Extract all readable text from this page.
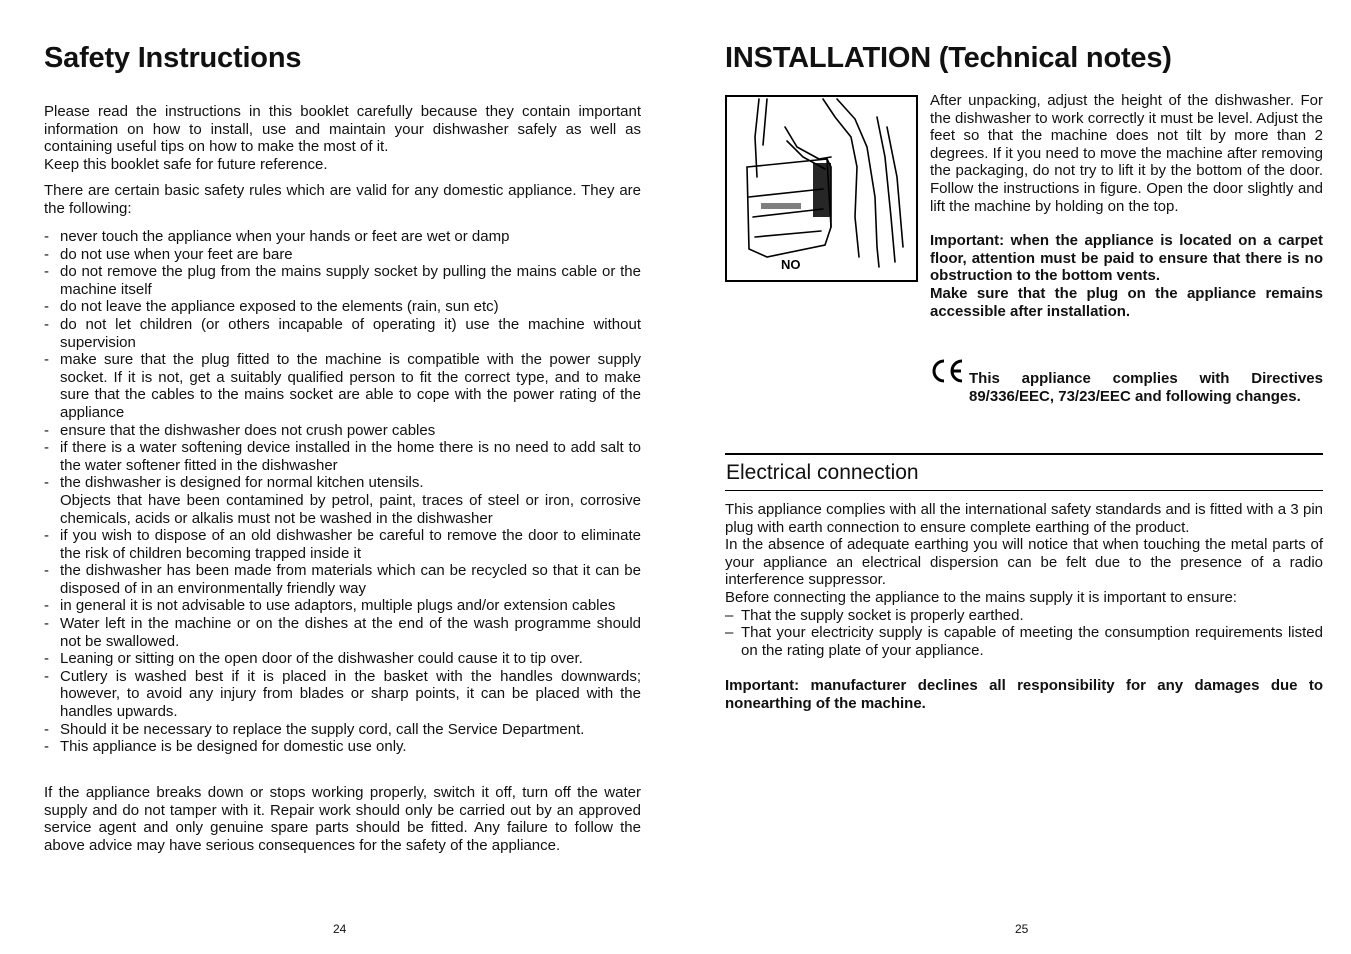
Safety Instructions

Please read the instructions in this booklet carefully because they contain important information on how to install, use and maintain your dishwasher safely as well as containing useful tips on how to make the most of it.
Keep this booklet safe for future reference.

There are certain basic safety rules which are valid for any domestic appliance. They are the following:

- never touch the appliance when your hands or feet are wet or damp
- do not use when your feet are bare
- do not remove the plug from the mains supply socket by pulling the mains cable or the machine itself
- do not leave the appliance exposed to the elements (rain, sun etc)
- do not let children (or others incapable of operating it) use the machine without supervision
- make sure that the plug fitted to the machine is compatible with the power supply socket. If it is not, get a suitably qualified person to fit the correct type, and to make sure that the cables to the mains socket are able to cope with the power rating of the appliance
- ensure that the dishwasher does not crush power cables
- if there is a water softening device installed in the home there is no need to add salt to the water softener fitted in the dishwasher
- the dishwasher is designed for normal kitchen utensils.
Objects that have been contamined by petrol, paint, traces of steel or iron, corrosive chemicals, acids or alkalis must not be washed in the dishwasher
- if you wish to dispose of an old dishwasher be careful to remove the door to eliminate the risk of children becoming trapped inside it
- the dishwasher has been made from materials which can be recycled so that it can be disposed of in an environmentally friendly way
- in general it is not advisable to use adaptors, multiple plugs and/or extension cables
- Water left in the machine or on the dishes at the end of the wash programme should not be swallowed.
- Leaning or sitting on the open door of the dishwasher could cause it to tip over.
- Cutlery is washed best if it is placed in the basket with the handles downwards; however, to avoid any injury from blades or sharp points, it can be placed with the handles upwards.
- Should it be necessary to replace the supply cord, call the Service Department.
- This appliance is be designed for domestic use only.

If the appliance breaks down or stops working properly, switch it off, turn off the water supply and do not tamper with it. Repair work should only be carried out by an approved service agent and only genuine spare parts should be fitted. Any failure to follow the above advice may have serious consequences for the safety of the appliance.

24
INSTALLATION (Technical notes)
NO

After unpacking, adjust the height of the dishwasher. For the dishwasher to work correctly it must be level. Adjust the feet so that the machine does not tilt by more than 2 degrees. If it you need to move the machine after removing the packaging, do not try to lift it by the bottom of the door. Follow the instructions in figure. Open the door slightly and lift the machine by holding on the top.

Important: when the appliance is located on a carpet floor, attention must be paid to ensure that there is no obstruction to the bottom vents.

Make sure that the plug on the appliance remains accessible after installation.

This appliance complies with Directives 89/336/EEC, 73/23/EEC and following changes.

Electrical connection

This appliance complies with all the international safety standards and is fitted with a 3 pin plug with earth connection to ensure complete earthing of the product.

In the absence of adequate earthing you will notice that when touching the metal parts of your appliance an electrical dispersion can be felt due to the presence of a radio interference suppressor.

Before connecting the appliance to the mains supply it is important to ensure:

– That the supply socket is properly earthed.
– That your electricity supply is capable of meeting the consumption requirements listed on the rating plate of your appliance.

Important: manufacturer declines all responsibility for any damages due to nonearthing of the machine.

25
